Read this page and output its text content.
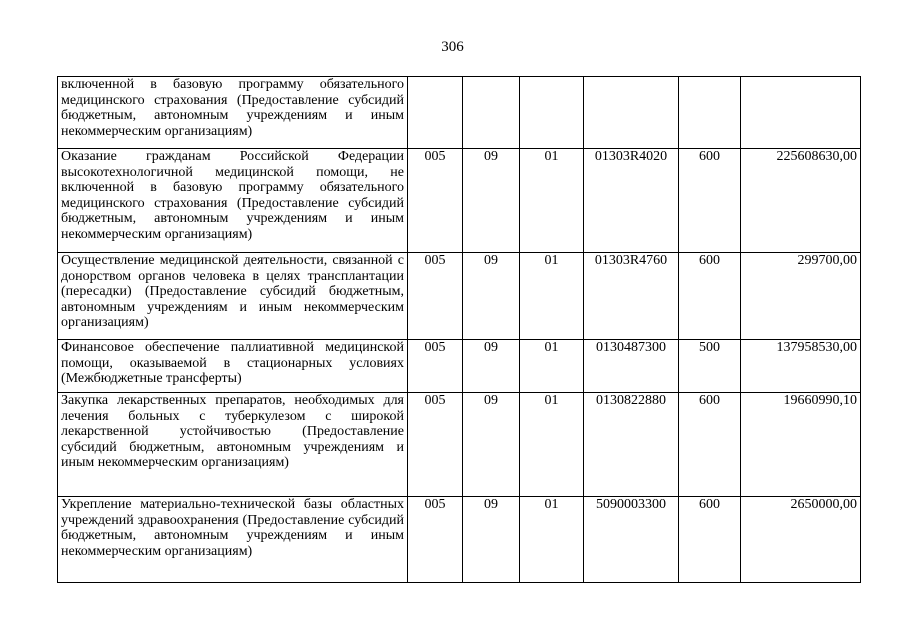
306
включенной в базовую программу обязательного медицинского страхования (Предоставление субсидий бюджетным, автономным учреждениям и иным некоммерческим организациям)						
Оказание гражданам Российской Федерации высокотехнологичной медицинской помощи, не включенной в базовую программу обязательного медицинского страхования (Предоставление субсидий бюджетным, автономным учреждениям и иным некоммерческим организациям)	005	09	01	01303R4020	600	225608630,00
Осуществление медицинской деятельности, связанной с донорством органов человека в целях трансплантации (пересадки) (Предоставление субсидий бюджетным, автономным учреждениям и иным некоммерческим организациям)	005	09	01	01303R4760	600	299700,00
Финансовое обеспечение паллиативной медицинской помощи, оказываемой в стационарных условиях (Межбюджетные трансферты)	005	09	01	0130487300	500	137958530,00
Закупка лекарственных препаратов, необходимых для лечения больных с туберкулезом с широкой лекарственной устойчивостью (Предоставление субсидий бюджетным, автономным учреждениям и иным некоммерческим организациям)	005	09	01	0130822880	600	19660990,10
Укрепление материально-технической базы областных учреждений здравоохранения (Предоставление субсидий бюджетным, автономным учреждениям и иным некоммерческим организациям)	005	09	01	5090003300	600	2650000,00
